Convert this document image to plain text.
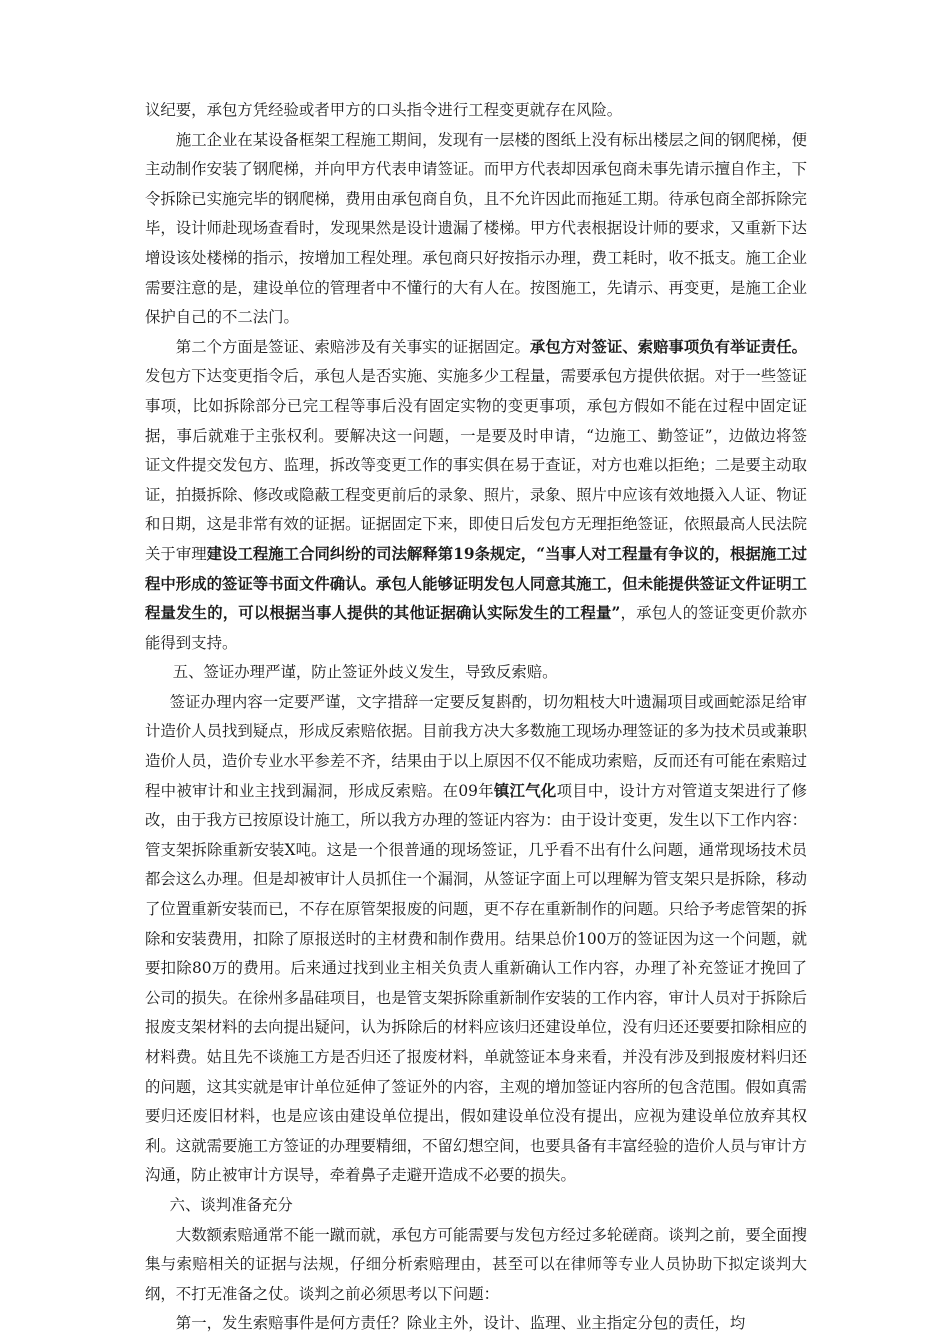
议纪要，承包方凭经验或者甲方的口头指令进行工程变更就存在风险。

施工企业在某设备框架工程施工期间，发现有一层楼的图纸上没有标出楼层之间的钢爬梯，便主动制作安装了钢爬梯，并向甲方代表申请签证。而甲方代表却因承包商未事先请示擅自作主，下令拆除已实施完毕的钢爬梯，费用由承包商自负，且不允许因此而拖延工期。待承包商全部拆除完毕，设计师赴现场查看时，发现果然是设计遗漏了楼梯。甲方代表根据设计师的要求，又重新下达增设该处楼梯的指示，按增加工程处理。承包商只好按指示办理，费工耗时，收不抵支。施工企业需要注意的是，建设单位的管理者中不懂行的大有人在。按图施工，先请示、再变更，是施工企业保护自己的不二法门。

第二个方面是签证、索赔涉及有关事实的证据固定。承包方对签证、索赔事项负有举证责任。发包方下达变更指令后，承包人是否实施、实施多少工程量，需要承包方提供依据。对于一些签证事项，比如拆除部分已完工程等事后没有固定实物的变更事项，承包方假如不能在过程中固定证据，事后就难于主张权利。要解决这一问题，一是要及时申请，“边施工、勤签证”，边做边将签证文件提交发包方、监理，拆改等变更工作的事实俱在易于查证，对方也难以拒绝；二是要主动取证，拍摄拆除、修改或隐蔽工程变更前后的录象、照片，录象、照片中应该有效地摄入人证、物证和日期，这是非常有效的证据。证据固定下来，即使日后发包方无理拒绝签证，依照最高人民法院关于审理建设工程施工合同纠纷的司法解释第19条规定，“当事人对工程量有争议的，根据施工过程中形成的签证等书面文件确认。承包人能够证明发包人同意其施工，但未能提供签证文件证明工程量发生的，可以根据当事人提供的其他证据确认实际发生的工程量”，承包人的签证变更价款亦能得到支持。

五、签证办理严谨，防止签证外歧义发生，导致反索赔。

签证办理内容一定要严谨，文字措辞一定要反复斟酌，切勿粗枝大叶遗漏项目或画蛇添足给审计造价人员找到疑点，形成反索赔依据。目前我方决大多数施工现场办理签证的多为技术员或兼职造价人员，造价专业水平参差不齐，结果由于以上原因不仅不能成功索赔，反而还有可能在索赔过程中被审计和业主找到漏洞，形成反索赔。在09年镇江气化项目中，设计方对管道支架进行了修改，由于我方已按原设计施工，所以我方办理的签证内容为：由于设计变更，发生以下工作内容：管支架拆除重新安装X吨。这是一个很普通的现场签证，几乎看不出有什么问题，通常现场技术员都会这么办理。但是却被审计人员抓住一个漏洞，从签证字面上可以理解为管支架只是拆除，移动了位置重新安装而已，不存在原管架报废的问题，更不存在重新制作的问题。只给予考虑管架的拆除和安装费用，扣除了原报送时的主材费和制作费用。结果总价100万的签证因为这一个问题，就要扣除80万的费用。后来通过找到业主相关负责人重新确认工作内容，办理了补充签证才挽回了公司的损失。在徐州多晶硅项目，也是管支架拆除重新制作安装的工作内容，审计人员对于拆除后报废支架材料的去向提出疑问，认为拆除后的材料应该归还建设单位，没有归还还要要扣除相应的材料费。姑且先不谈施工方是否归还了报废材料，单就签证本身来看，并没有涉及到报废材料归还的问题，这其实就是审计单位延伸了签证外的内容，主观的增加签证内容所的包含范围。假如真需要归还废旧材料，也是应该由建设单位提出，假如建设单位没有提出，应视为建设单位放弃其权利。这就需要施工方签证的办理要精细，不留幻想空间，也要具备有丰富经验的造价人员与审计方沟通，防止被审计方误导，牵着鼻子走避开造成不必要的损失。

六、谈判准备充分

大数额索赔通常不能一蹴而就，承包方可能需要与发包方经过多轮磋商。谈判之前，要全面搜集与索赔相关的证据与法规，仔细分析索赔理由，甚至可以在律师等专业人员协助下拟定谈判大纲，不打无准备之仗。谈判之前必须思考以下问题：

第一，发生索赔事件是何方责任？除业主外，设计、监理、业主指定分包的责任，均
